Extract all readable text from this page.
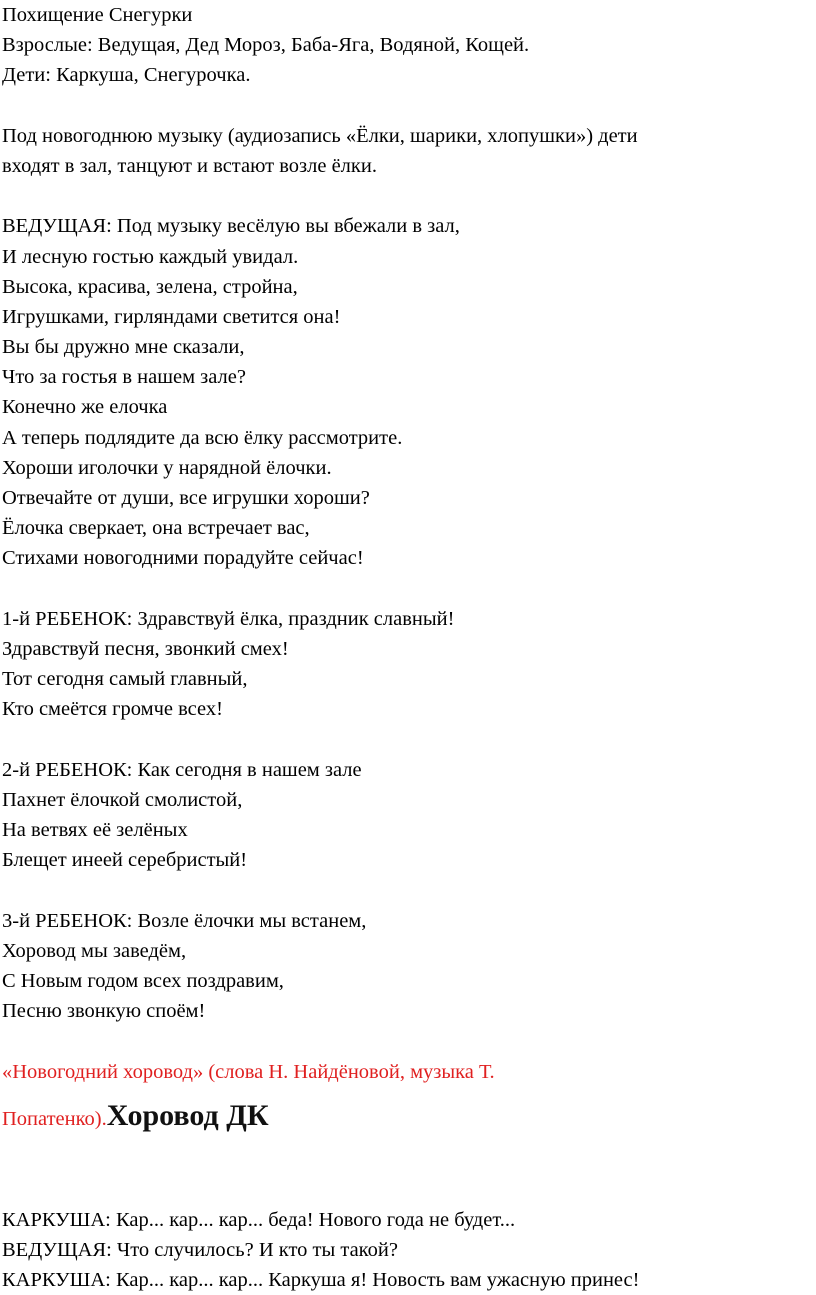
Похищение Снегурки
Взрослые: Ведущая, Дед Мороз, Баба-Яга, Водяной, Кощей.
Дети: Каркуша, Снегурочка.
Под новогоднюю музыку (аудиозапись «Ёлки, шарики, хлопушки») дети
входят в зал, танцуют и встают возле ёлки.
ВЕДУЩАЯ: Под музыку весёлую вы вбежали в зал,
И лесную гостью каждый увидал.
Высока, красива, зелена, стройна,
Игрушками, гирляндами светится она!
Вы бы дружно мне сказали,
Что за гостья в нашем зале?
Конечно же елочка
А теперь подлядите да всю ёлку рассмотрите.
Хороши иголочки у нарядной ёлочки.
Отвечайте от души, все игрушки хороши?
Ёлочка сверкает, она встречает вас,
Стихами новогодними порадуйте сейчас!
1-й РЕБЕНОК: Здравствуй ёлка, праздник славный!
Здравствуй песня, звонкий смех!
Тот сегодня самый главный,
Кто смеётся громче всех!
2-й РЕБЕНОК: Как сегодня в нашем зале
Пахнет ёлочкой смолистой,
На ветвях её зелёных
Блещет инеей серебристый!
3-й РЕБЕНОК: Возле ёлочки мы встанем,
Хоровод мы заведём,
С Новым годом всех поздравим,
Песню звонкую споём!
«Новогодний хоровод» (слова Н. Найдёновой, музыка Т.
Попатенко).Хоровод ДК
КАРКУША: Кар... кар... кар... беда! Нового года не будет...
ВЕДУЩАЯ: Что случилось? И кто ты такой?
КАРКУША: Кар... кар... кар... Каркуша я! Новость вам ужасную принес!
